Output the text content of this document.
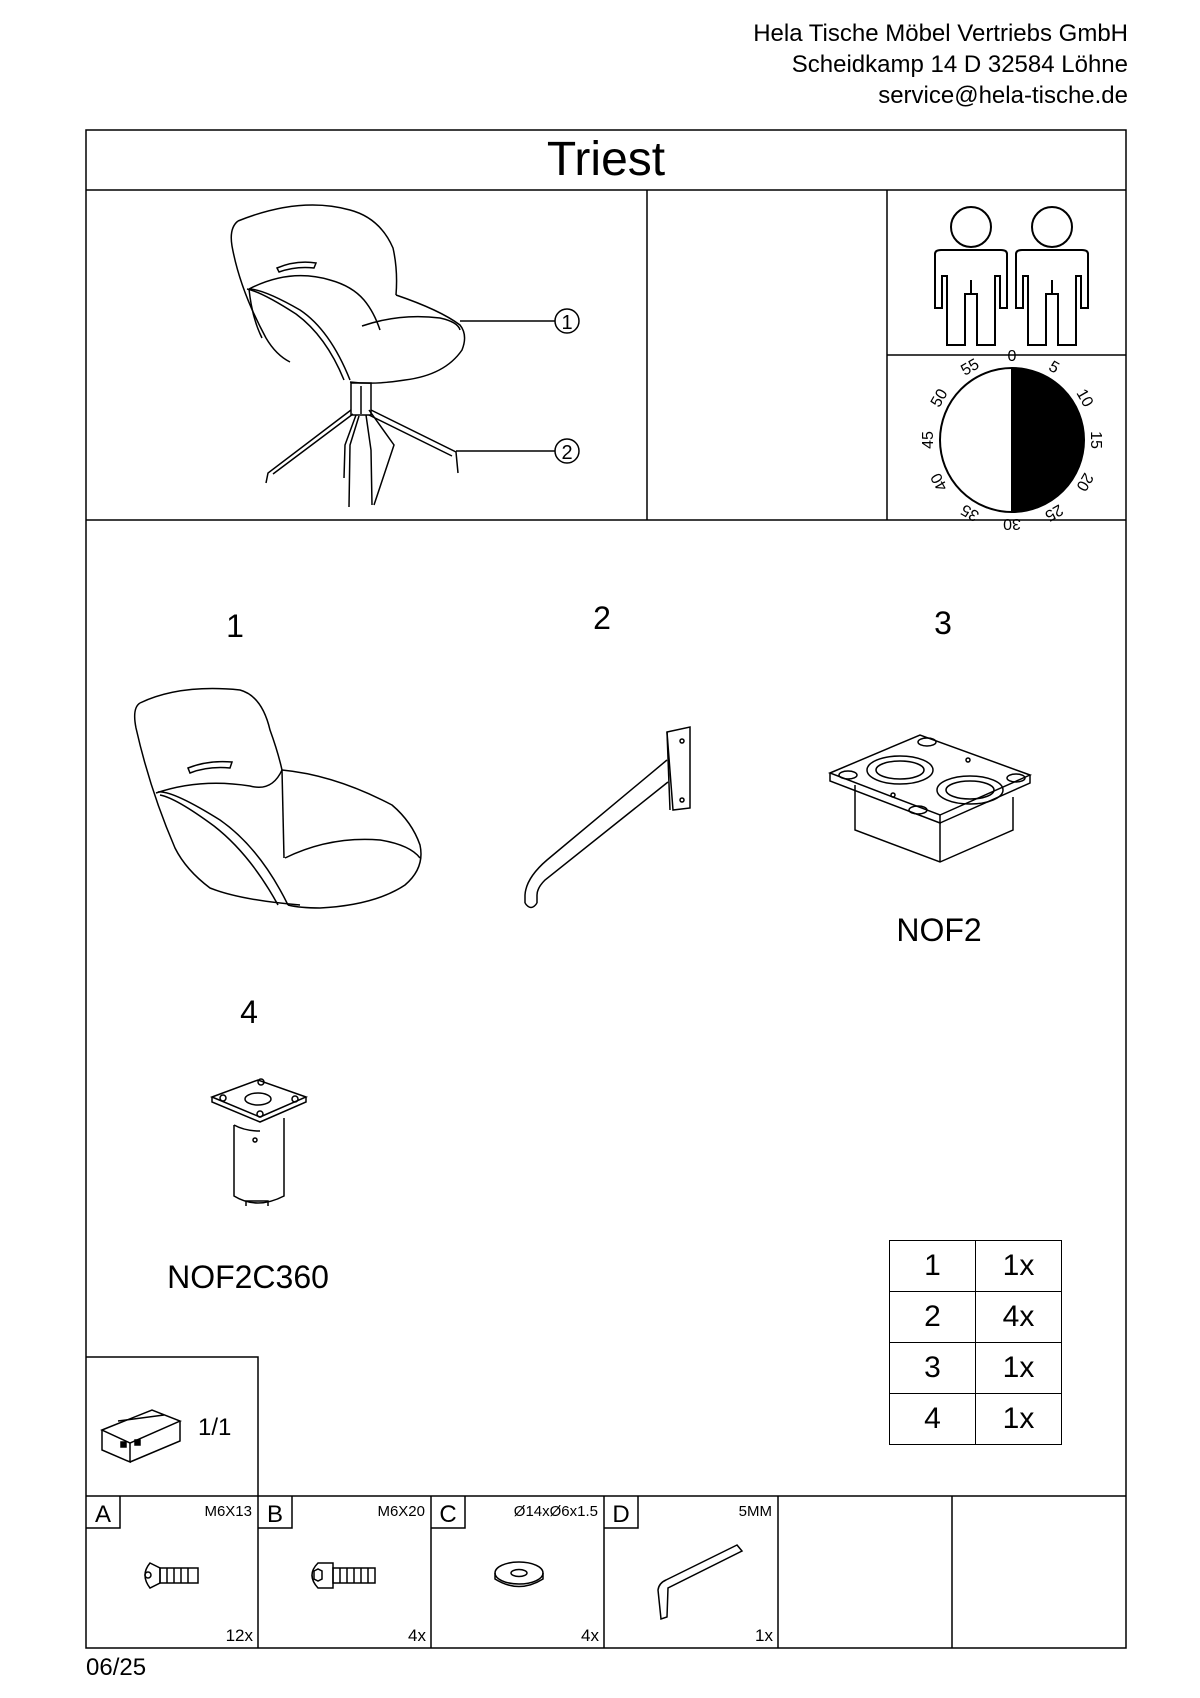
Hela Tische Möbel Vertriebs GmbH
Scheidkamp 14 D 32584 Löhne
service@hela-tische.de
1
2
0
5
10
15
20
25
30
35
40
45
50
55
1	2	3
4
NOF2
NOF2C360
1/1
A	M6X13
12x
B	M6X20
4x
C	Ø14xØ6x1.5
4x
D	5MM
1x
06/25
Triest
1	1x
2	4x
3	1x
4	1x
